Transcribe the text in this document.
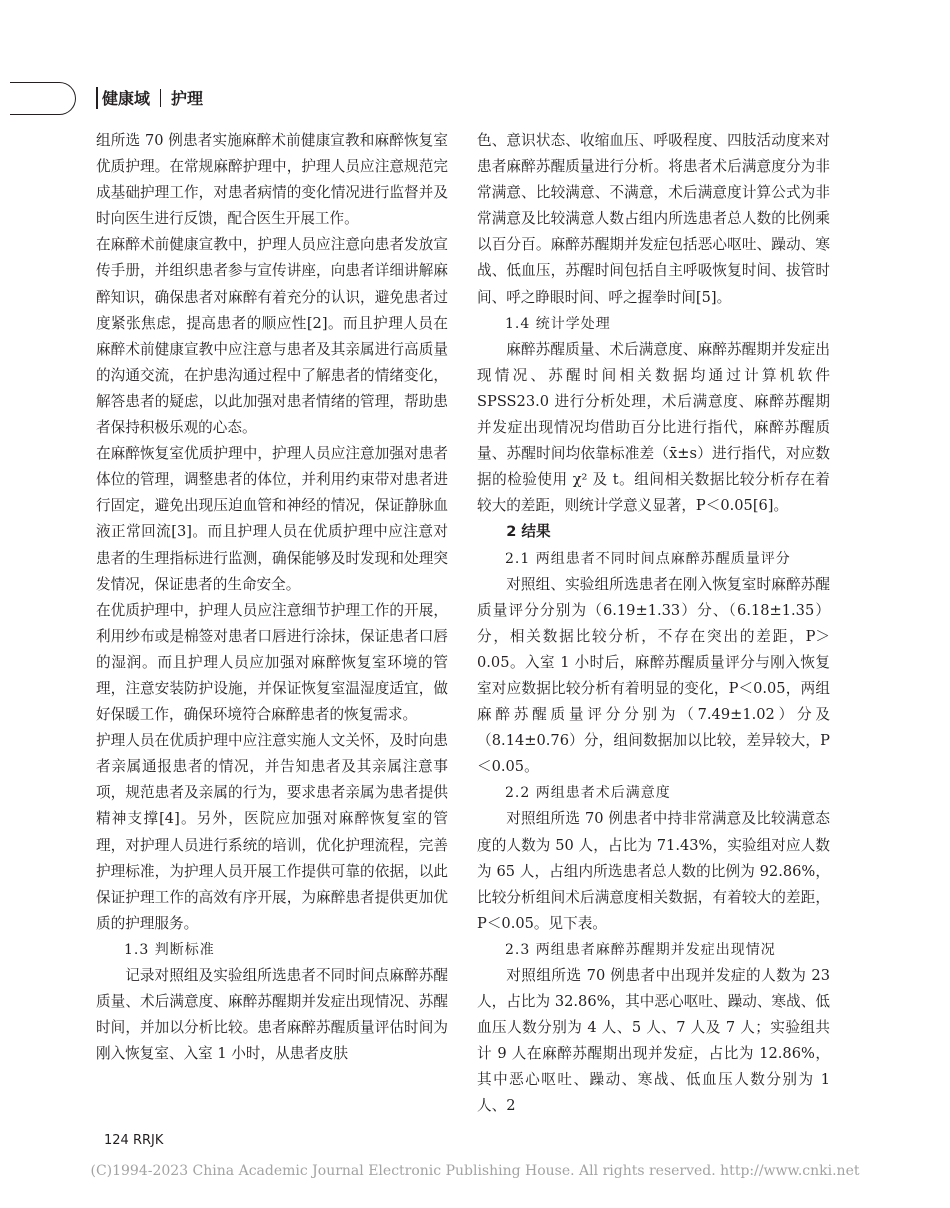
健康域 护理

组所选 70 例患者实施麻醉术前健康宣教和麻醉恢复室优质护理。在常规麻醉护理中，护理人员应注意规范完成基础护理工作，对患者病情的变化情况进行监督并及时向医生进行反馈，配合医生开展工作。

在麻醉术前健康宣教中，护理人员应注意向患者发放宣传手册，并组织患者参与宣传讲座，向患者详细讲解麻醉知识，确保患者对麻醉有着充分的认识，避免患者过度紧张焦虑，提高患者的顺应性[2]。而且护理人员在麻醉术前健康宣教中应注意与患者及其亲属进行高质量的沟通交流，在护患沟通过程中了解患者的情绪变化，解答患者的疑虑，以此加强对患者情绪的管理，帮助患者保持积极乐观的心态。

在麻醉恢复室优质护理中，护理人员应注意加强对患者体位的管理，调整患者的体位，并利用约束带对患者进行固定，避免出现压迫血管和神经的情况，保证静脉血液正常回流[3]。而且护理人员在优质护理中应注意对患者的生理指标进行监测，确保能够及时发现和处理突发情况，保证患者的生命安全。

在优质护理中，护理人员应注意细节护理工作的开展，利用纱布或是棉签对患者口唇进行涂抹，保证患者口唇的湿润。而且护理人员应加强对麻醉恢复室环境的管理，注意安装防护设施，并保证恢复室温湿度适宜，做好保暖工作，确保环境符合麻醉患者的恢复需求。

护理人员在优质护理中应注意实施人文关怀，及时向患者亲属通报患者的情况，并告知患者及其亲属注意事项，规范患者及亲属的行为，要求患者亲属为患者提供精神支撑[4]。另外，医院应加强对麻醉恢复室的管理，对护理人员进行系统的培训，优化护理流程，完善护理标准，为护理人员开展工作提供可靠的依据，以此保证护理工作的高效有序开展，为麻醉患者提供更加优质的护理服务。

1.3 判断标准

记录对照组及实验组所选患者不同时间点麻醉苏醒质量、术后满意度、麻醉苏醒期并发症出现情况、苏醒时间，并加以分析比较。患者麻醉苏醒质量评估时间为刚入恢复室、入室 1 小时，从患者皮肤

色、意识状态、收缩血压、呼吸程度、四肢活动度来对患者麻醉苏醒质量进行分析。将患者术后满意度分为非常满意、比较满意、不满意，术后满意度计算公式为非常满意及比较满意人数占组内所选患者总人数的比例乘以百分百。麻醉苏醒期并发症包括恶心呕吐、躁动、寒战、低血压，苏醒时间包括自主呼吸恢复时间、拔管时间、呼之睁眼时间、呼之握拳时间[5]。

1.4 统计学处理

麻醉苏醒质量、术后满意度、麻醉苏醒期并发症出现情况、苏醒时间相关数据均通过计算机软件 SPSS23.0 进行分析处理，术后满意度、麻醉苏醒期并发症出现情况均借助百分比进行指代，麻醉苏醒质量、苏醒时间均依靠标准差（x̄±s）进行指代，对应数据的检验使用 χ² 及 t。组间相关数据比较分析存在着较大的差距，则统计学意义显著，P＜0.05[6]。

2 结果
2.1 两组患者不同时间点麻醉苏醒质量评分

对照组、实验组所选患者在刚入恢复室时麻醉苏醒质量评分分别为（6.19±1.33）分、（6.18±1.35）分，相关数据比较分析，不存在突出的差距，P＞0.05。入室 1 小时后，麻醉苏醒质量评分与刚入恢复室对应数据比较分析有着明显的变化，P＜0.05，两组麻醉苏醒质量评分分别为（7.49±1.02）分及（8.14±0.76）分，组间数据加以比较，差异较大，P＜0.05。

2.2 两组患者术后满意度

对照组所选 70 例患者中持非常满意及比较满意态度的人数为 50 人，占比为 71.43%，实验组对应人数为 65 人，占组内所选患者总人数的比例为 92.86%，比较分析组间术后满意度相关数据，有着较大的差距，P＜0.05。见下表。

2.3 两组患者麻醉苏醒期并发症出现情况

对照组所选 70 例患者中出现并发症的人数为 23 人，占比为 32.86%，其中恶心呕吐、躁动、寒战、低血压人数分别为 4 人、5 人、7 人及 7 人；实验组共计 9 人在麻醉苏醒期出现并发症，占比为 12.86%，其中恶心呕吐、躁动、寒战、低血压人数分别为 1 人、2

124 RRJK
(C)1994-2023 China Academic Journal Electronic Publishing House. All rights reserved. http://www.cnki.net
